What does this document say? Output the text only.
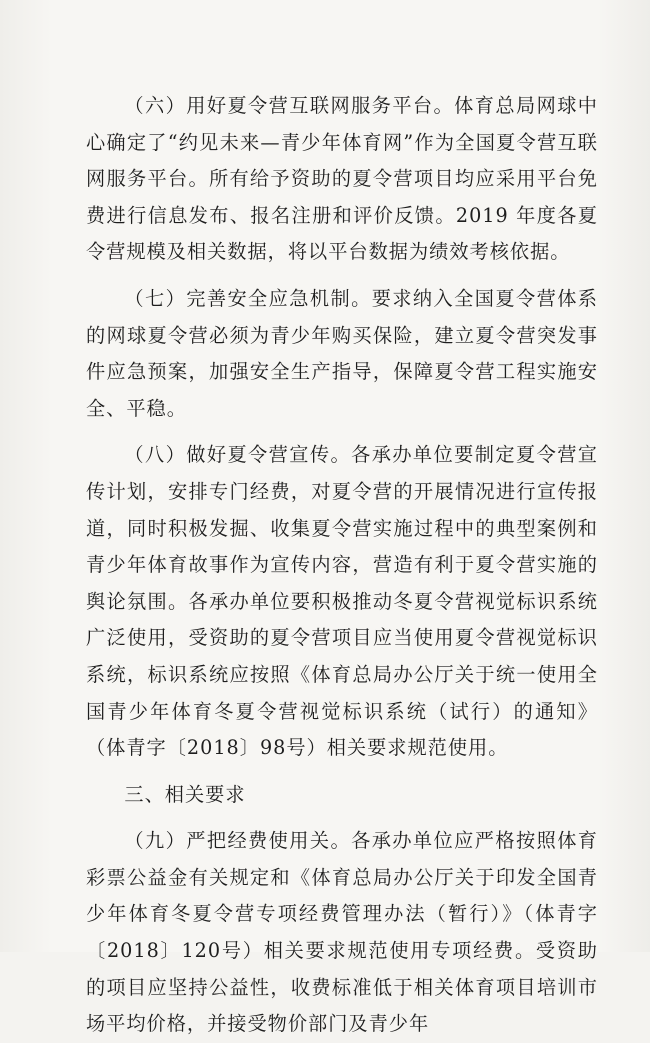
（六）用好夏令营互联网服务平台。体育总局网球中心确定了“约见未来—青少年体育网”作为全国夏令营互联网服务平台。所有给予资助的夏令营项目均应采用平台免费进行信息发布、报名注册和评价反馈。2019 年度各夏令营规模及相关数据，将以平台数据为绩效考核依据。

（七）完善安全应急机制。要求纳入全国夏令营体系的网球夏令营必须为青少年购买保险，建立夏令营突发事件应急预案，加强安全生产指导，保障夏令营工程实施安全、平稳。

（八）做好夏令营宣传。各承办单位要制定夏令营宣传计划，安排专门经费，对夏令营的开展情况进行宣传报道，同时积极发掘、收集夏令营实施过程中的典型案例和青少年体育故事作为宣传内容，营造有利于夏令营实施的舆论氛围。各承办单位要积极推动冬夏令营视觉标识系统广泛使用，受资助的夏令营项目应当使用夏令营视觉标识系统，标识系统应按照《体育总局办公厅关于统一使用全国青少年体育冬夏令营视觉标识系统（试行）的通知》（体青字〔2018〕98号）相关要求规范使用。

三、相关要求

（九）严把经费使用关。各承办单位应严格按照体育彩票公益金有关规定和《体育总局办公厅关于印发全国青少年体育冬夏令营专项经费管理办法（暂行）》（体青字〔2018〕120号）相关要求规范使用专项经费。受资助的项目应坚持公益性，收费标准低于相关体育项目培训市场平均价格，并接受物价部门及青少年
